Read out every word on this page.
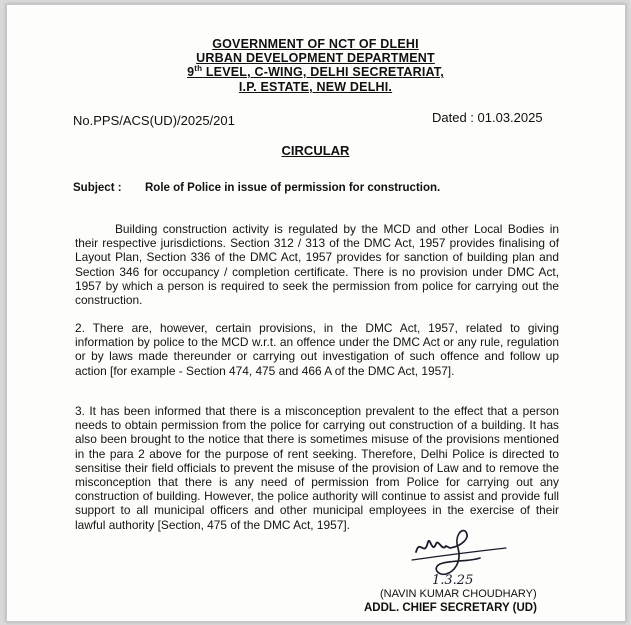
GOVERNMENT OF NCT OF DLEHI
URBAN DEVELOPMENT DEPARTMENT
9th LEVEL, C-WING, DELHI SECRETARIAT,
I.P. ESTATE, NEW DELHI.
No.PPS/ACS(UD)/2025/201	Dated : 01.03.2025
CIRCULAR
Subject : Role of Police in issue of permission for construction.
Building construction activity is regulated by the MCD and other Local Bodies in their respective jurisdictions. Section 312 / 313 of the DMC Act, 1957 provides finalising of Layout Plan, Section 336 of the DMC Act, 1957 provides for sanction of building plan and Section 346 for occupancy / completion certificate. There is no provision under DMC Act, 1957 by which a person is required to seek the permission from police for carrying out the construction.
2. There are, however, certain provisions, in the DMC Act, 1957, related to giving information by police to the MCD w.r.t. an offence under the DMC Act or any rule, regulation or by laws made thereunder or carrying out investigation of such offence and follow up action [for example - Section 474, 475 and 466 A of the DMC Act, 1957].
3. It has been informed that there is a misconception prevalent to the effect that a person needs to obtain permission from the police for carrying out construction of a building. It has also been brought to the notice that there is sometimes misuse of the provisions mentioned in the para 2 above for the purpose of rent seeking. Therefore, Delhi Police is directed to sensitise their field officials to prevent the misuse of the provision of Law and to remove the misconception that there is any need of permission from Police for carrying out any construction of building. However, the police authority will continue to assist and provide full support to all municipal officers and other municipal employees in the exercise of their lawful authority [Section, 475 of the DMC Act, 1957].
1.3.25
(NAVIN KUMAR CHOUDHARY)
ADDL. CHIEF SECRETARY (UD)
